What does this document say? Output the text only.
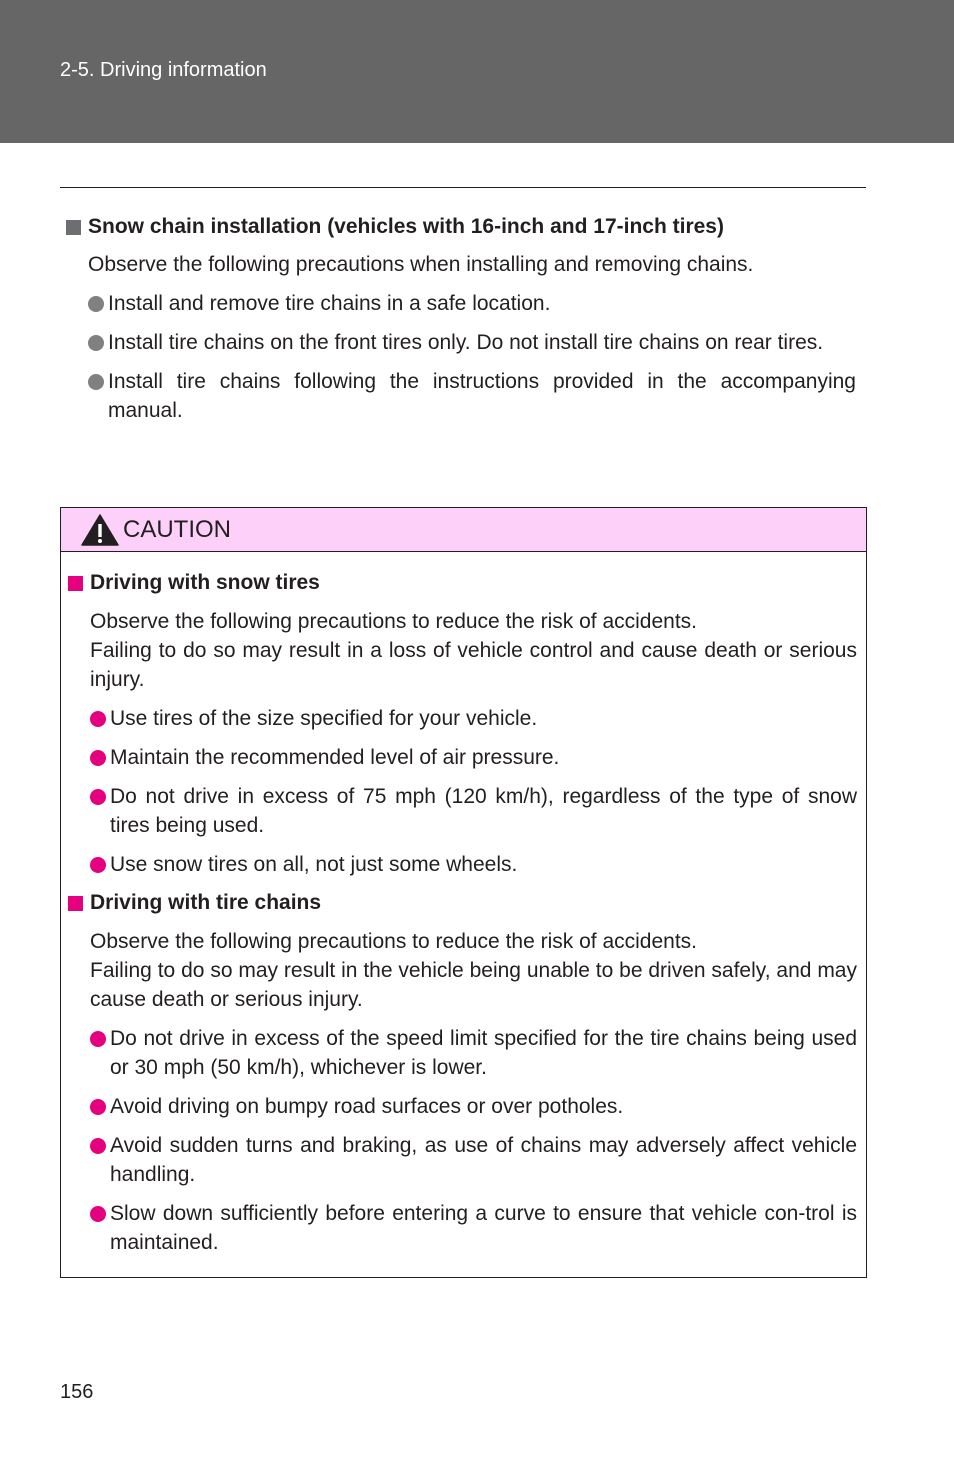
2-5. Driving information
Snow chain installation (vehicles with 16-inch and 17-inch tires)
Observe the following precautions when installing and removing chains.
Install and remove tire chains in a safe location.
Install tire chains on the front tires only. Do not install tire chains on rear tires.
Install tire chains following the instructions provided in the accompanying manual.
CAUTION
Driving with snow tires
Observe the following precautions to reduce the risk of accidents.
Failing to do so may result in a loss of vehicle control and cause death or serious injury.
Use tires of the size specified for your vehicle.
Maintain the recommended level of air pressure.
Do not drive in excess of 75 mph (120 km/h), regardless of the type of snow tires being used.
Use snow tires on all, not just some wheels.
Driving with tire chains
Observe the following precautions to reduce the risk of accidents.
Failing to do so may result in the vehicle being unable to be driven safely, and may cause death or serious injury.
Do not drive in excess of the speed limit specified for the tire chains being used or 30 mph (50 km/h), whichever is lower.
Avoid driving on bumpy road surfaces or over potholes.
Avoid sudden turns and braking, as use of chains may adversely affect vehicle handling.
Slow down sufficiently before entering a curve to ensure that vehicle con-trol is maintained.
156
